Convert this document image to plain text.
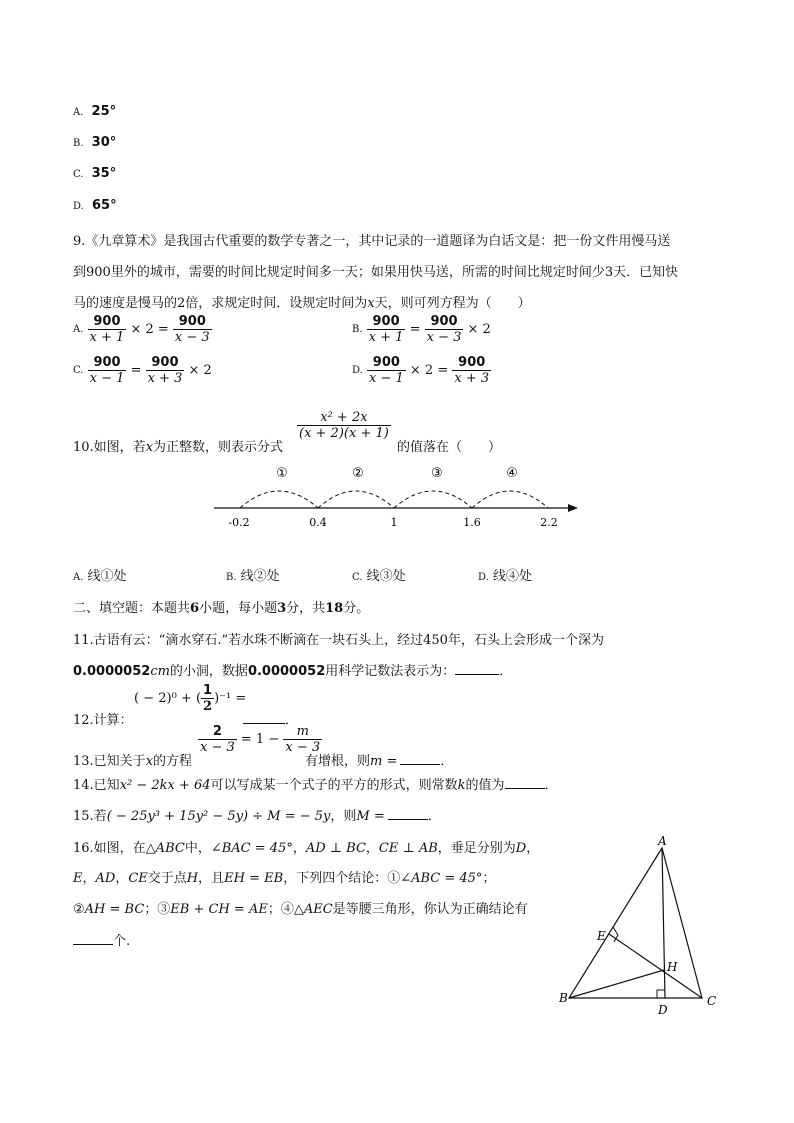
A. 25°
B. 30°
C. 35°
D. 65°
9.《九章算术》是我国古代重要的数学专著之一，其中记录的一道题译为白话文是：把一份文件用慢马送
到900里外的城市，需要的时间比规定时间多一天；如果用快马送，所需的时间比规定时间少3天．已知快
马的速度是慢马的2倍，求规定时间．设规定时间为x天，则可列方程为（　　）
A. $\frac{900}{x + 1} \times 2 = \frac{900}{x - 3}$	B. $\frac{900}{x + 1} = \frac{900}{x - 3} \times 2$
C. $\frac{900}{x - 1} = \frac{900}{x + 3} \times 2$	D. $\frac{900}{x - 1} \times 2 = \frac{900}{x + 3}$
10.如图，若x为正整数，则表示分式
$\frac{\text{x² + 2x}}{(x + 2)(x + 1)}$
的值落在（　　）
①	②	③	④
-0.2	0.4	1	1.6	2.2
A. 线①处	B. 线②处	C. 线③处	D. 线④处
二、填空题：本题共6小题，每小题3分，共18分。
11.古语有云：“滴水穿石.”若水珠不断滴在一块石头上，经过450年，石头上会形成一个深为
0.0000052cm的小洞，数据0.0000052用科学记数法表示为：	．
12.计算：
( − 2)⁰ + ( $\frac{1}{2} )^{-1}$ =
．
13.已知关于x的方程
$\frac{2}{x - 3} = 1 - \frac{m}{x - 3}$
有增根，则m =	．
14.已知x² − 2kx + 64可以写成某一个式子的平方的形式，则常数k的值为	．
15.若( − 25y³ + 15y² − 5y) ÷ M = − 5y，则M =	．
16.如图，在△ABC中，∠BAC = 45°，AD ⊥ BC，CE ⊥ AB，垂足分别为D，
E，AD，CE交于点H，且EH = EB，下列四个结论：①∠ABC = 45°；
②AH = BC；③EB + CH = AE；④△AEC是等腰三角形，你认为正确结论有
个.
A
B	C
D
E
H
